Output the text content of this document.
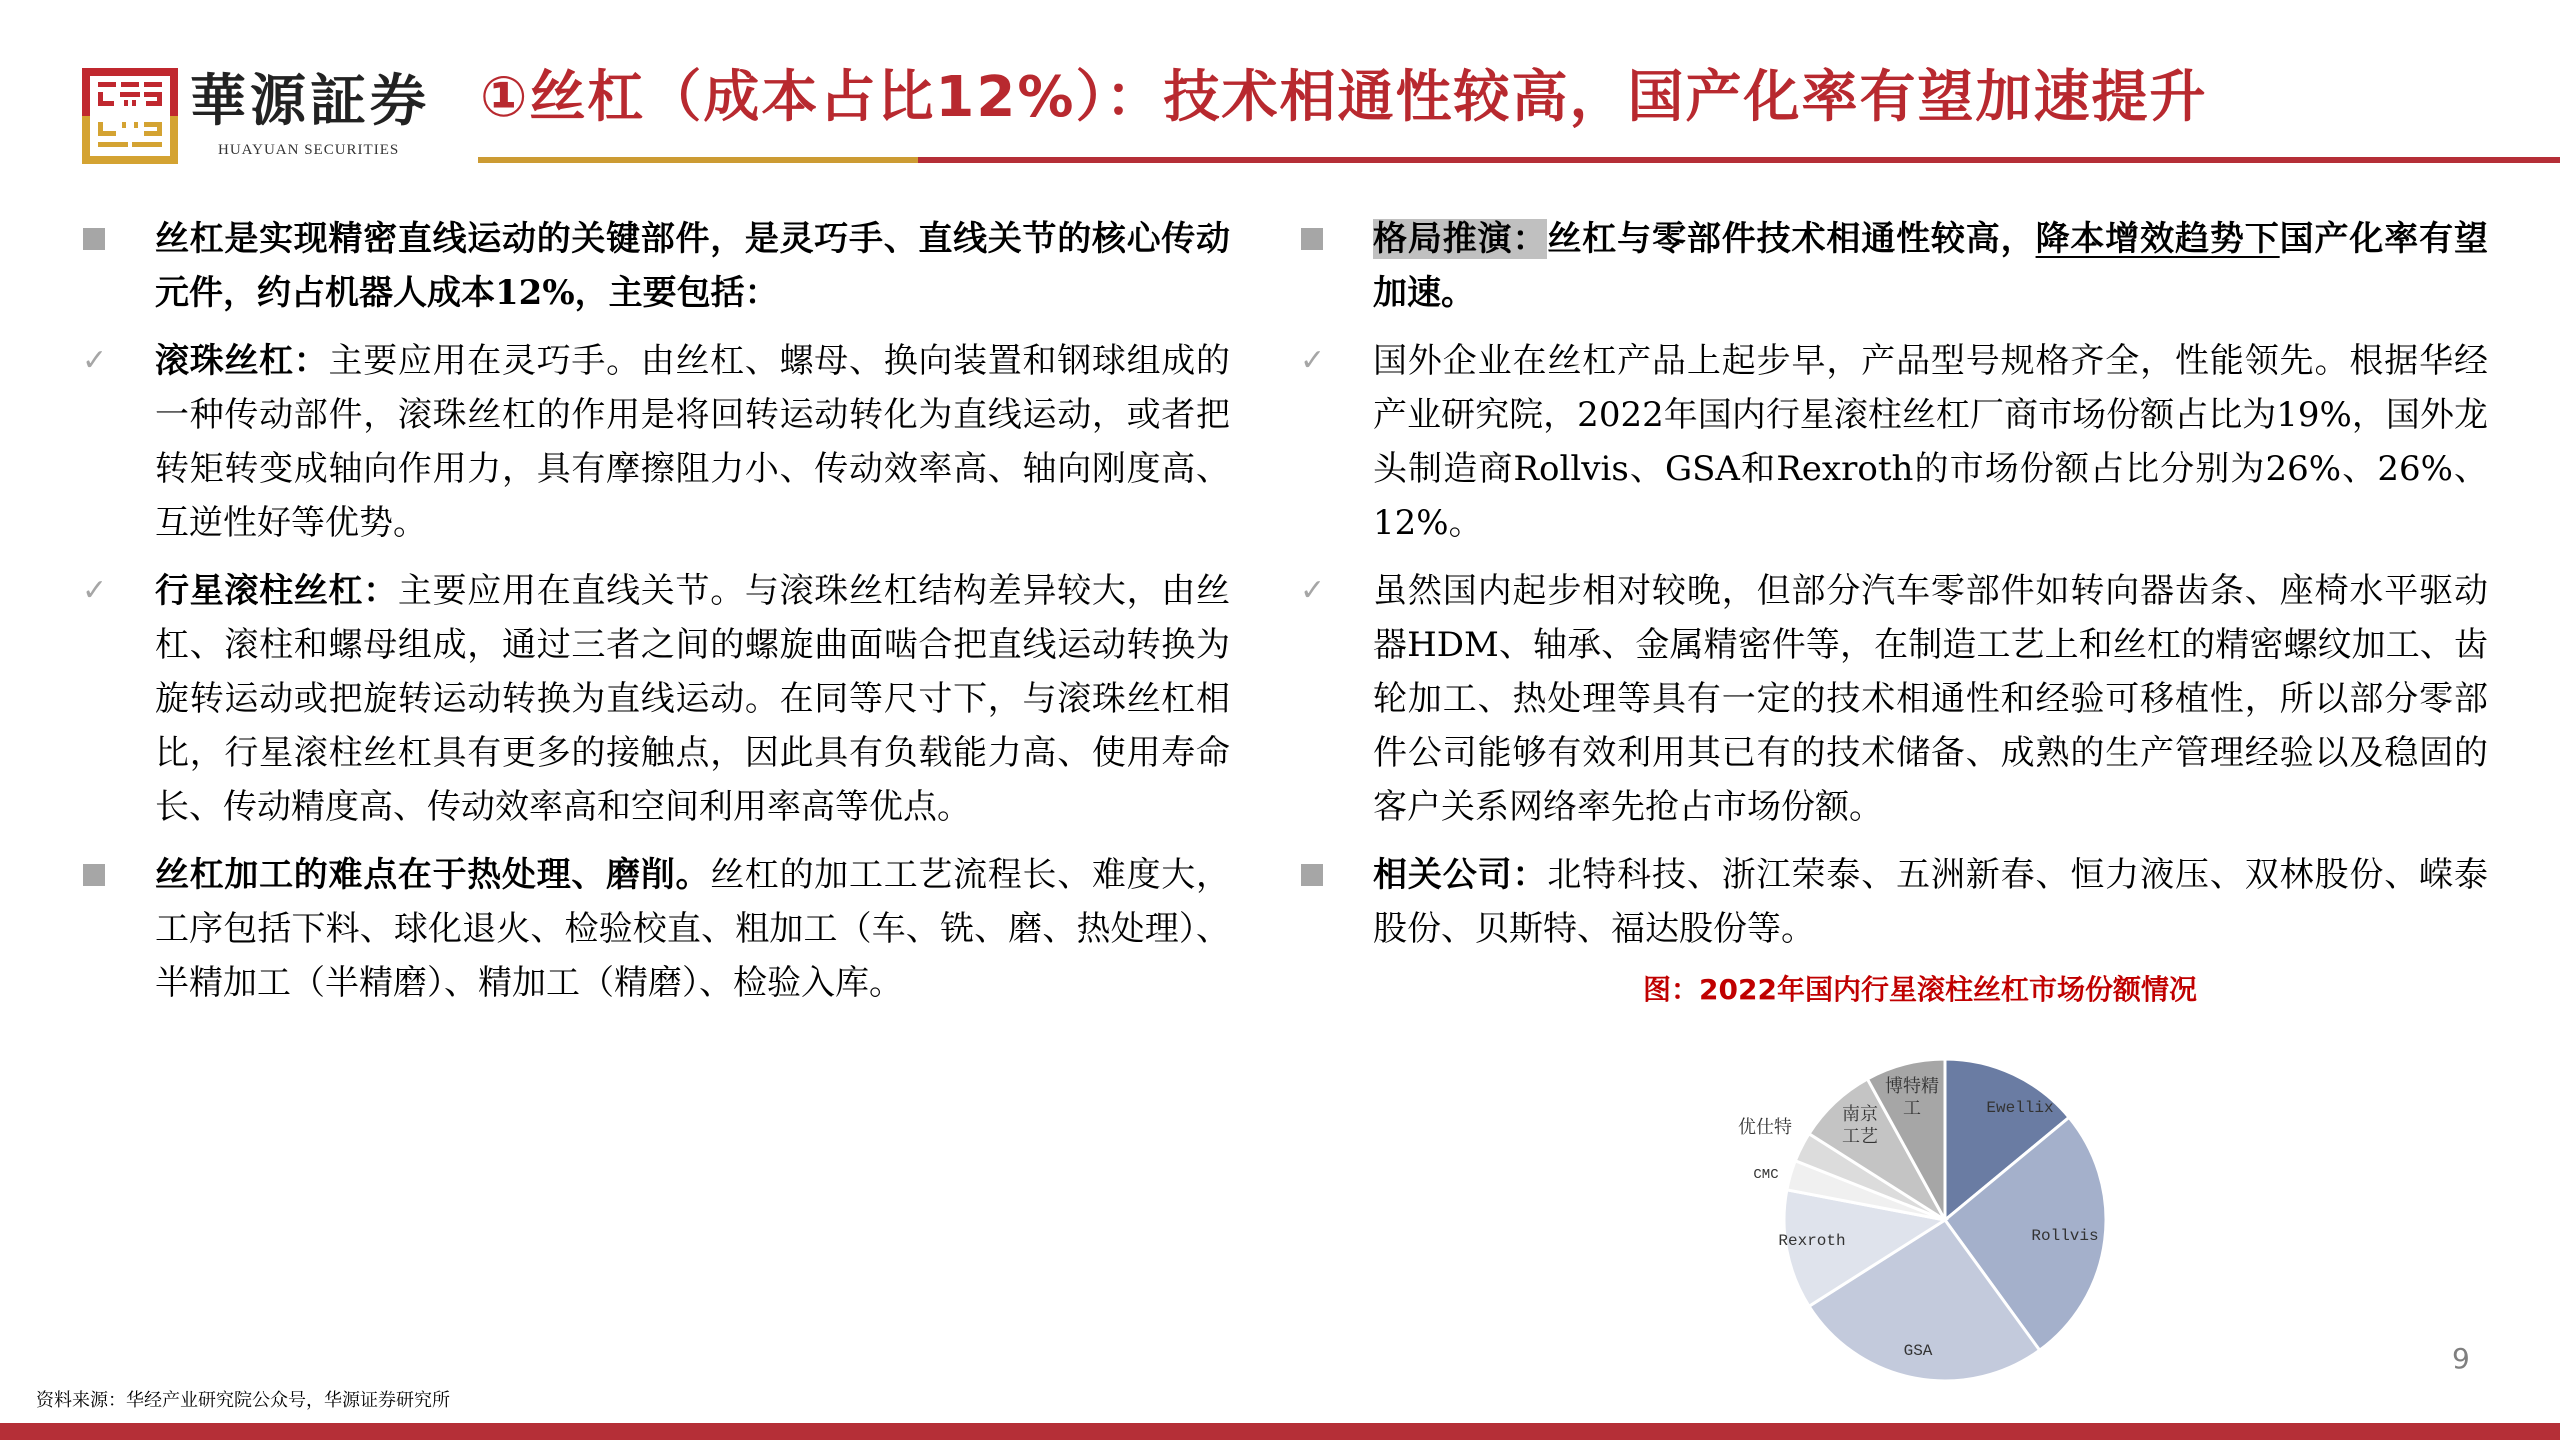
華源証券
HUAYUAN SECURITIES
①丝杠（成本占比12%）：技术相通性较高，国产化率有望加速提升
丝杠是实现精密直线运动的关键部件，是灵巧手、直线关节的核心传动元件，约占机器人成本12%，主要包括：
✓ 滚珠丝杠：主要应用在灵巧手。由丝杠、螺母、换向装置和钢球组成的一种传动部件，滚珠丝杠的作用是将回转运动转化为直线运动，或者把转矩转变成轴向作用力，具有摩擦阻力小、传动效率高、轴向刚度高、互逆性好等优势。
✓ 行星滚柱丝杠：主要应用在直线关节。与滚珠丝杠结构差异较大，由丝杠、滚柱和螺母组成，通过三者之间的螺旋曲面啮合把直线运动转换为旋转运动或把旋转运动转换为直线运动。在同等尺寸下，与滚珠丝杠相比，行星滚柱丝杠具有更多的接触点，因此具有负载能力高、使用寿命长、传动精度高、传动效率高和空间利用率高等优点。
丝杠加工的难点在于热处理、磨削。丝杠的加工工艺流程长、难度大，工序包括下料、球化退火、检验校直、粗加工（车、铣、磨、热处理）、半精加工（半精磨）、精加工（精磨）、检验入库。
格局推演：丝杠与零部件技术相通性较高，降本增效趋势下国产化率有望加速。
✓ 国外企业在丝杠产品上起步早，产品型号规格齐全，性能领先。根据华经产业研究院，2022年国内行星滚柱丝杠厂商市场份额占比为19%，国外龙头制造商Rollvis、GSA和Rexroth的市场份额占比分别为26%、26%、12%。
✓ 虽然国内起步相对较晚，但部分汽车零部件如转向器齿条、座椅水平驱动器HDM、轴承、金属精密件等，在制造工艺上和丝杠的精密螺纹加工、齿轮加工、热处理等具有一定的技术相通性和经验可移植性，所以部分零部件公司能够有效利用其已有的技术储备、成熟的生产管理经验以及稳固的客户关系网络率先抢占市场份额。
相关公司：北特科技、浙江荣泰、五洲新春、恒力液压、双林股份、嵘泰股份、贝斯特、福达股份等。
图：2022年国内行星滚柱丝杠市场份额情况
Ewellix
Rollvis
GSA
Rexroth
CMC
优仕特
南京工艺
博特精工
资料来源：华经产业研究院公众号，华源证券研究所
9
